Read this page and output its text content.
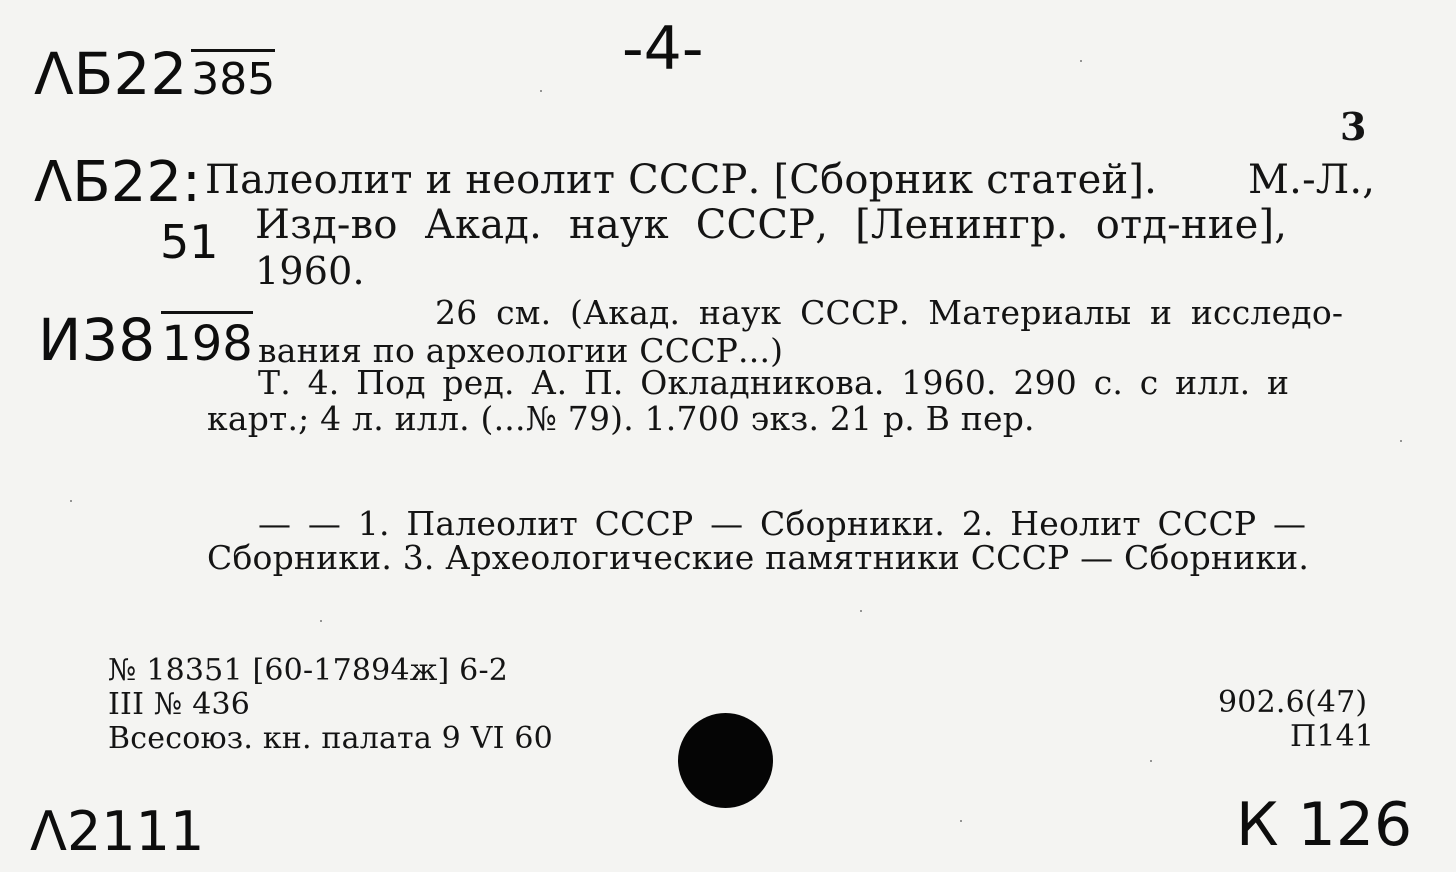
ΛБ22385	-4-
ΛБ22:
51
И38 198
Λ2111	К 126
3
Палеолит и неолит СССР. [Сборник статей]. М.-Л.,
Изд-во Акад. наук СССР, [Ленингр. отд-ние],
1960.
26 см. (Акад. наук СССР. Материалы и исследо-
вания по археологии СССР...)
Т. 4. Под ред. А. П. Окладникова. 1960. 290 с. с илл. и
карт.; 4 л. илл. (...№ 79). 1.700 экз. 21 р. В пер.
— — 1. Палеолит СССР — Сборники. 2. Неолит СССР —
Сборники. 3. Археологические памятники СССР — Сборники.
№ 18351 [60-17894ж] 6-2
III № 436
Всесоюз. кн. палата 9 VI 60
902.6(47)
П141
